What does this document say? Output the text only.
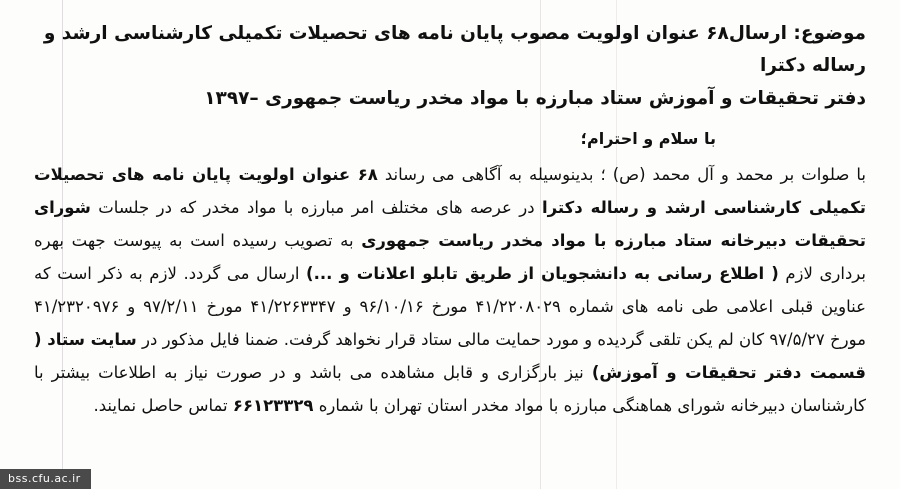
موضوع: ارسال۶۸ عنوان اولویت مصوب پایان نامه های تحصیلات تکمیلی کارشناسی ارشد و رساله دکترا
دفتر تحقیقات و آموزش ستاد مبارزه با مواد مخدر ریاست جمهوری –۱۳۹۷
با سلام و احترام؛
با صلوات بر محمد و آل محمد (ص) ؛ بدینوسیله به آگاهی می رساند ۶۸ عنوان اولویت پایان نامه های تحصیلات تکمیلی کارشناسی ارشد و رساله دکترا در عرصه های مختلف امر مبارزه با مواد مخدر که در جلسات شورای تحقیقات دبیرخانه ستاد مبارزه با مواد مخدر ریاست جمهوری به تصویب رسیده است به پیوست جهت بهره برداری لازم ( اطلاع رسانی به دانشجویان از طریق تابلو اعلانات و ...) ارسال می گردد. لازم به ذکر است که عناوین قبلی اعلامی طی نامه های شماره ۴۱/۲۲۰۸۰۲۹ مورخ ۹۶/۱۰/۱۶ و ۴۱/۲۲۶۳۳۴۷ مورخ ۹۷/۲/۱۱ و ۴۱/۲۳۲۰۹۷۶ مورخ ۹۷/۵/۲۷ کان لم یکن تلقی گردیده و مورد حمایت مالی ستاد قرار نخواهد گرفت. ضمنا فایل مذکور در سایت ستاد ( قسمت دفتر تحقیقات و آموزش) نیز بارگزاری و قابل مشاهده می باشد و در صورت نیاز به اطلاعات بیشتر با کارشناسان دبیرخانه شورای هماهنگی مبارزه با مواد مخدر استان تهران با شماره ۶۶۱۲۳۳۲۹ تماس حاصل نمایند.
bss.cfu.ac.ir
